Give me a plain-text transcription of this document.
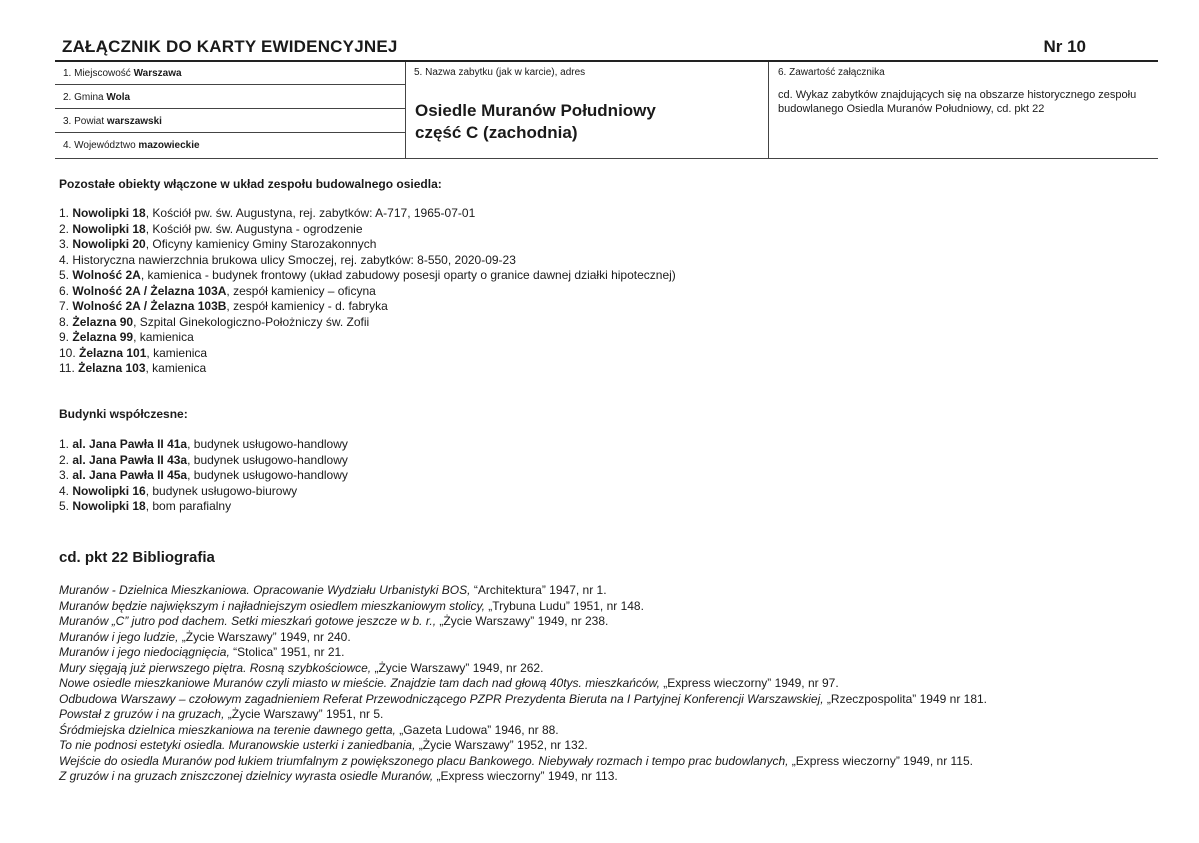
ZAŁĄCZNIK DO KARTY EWIDENCYJNEJ	Nr 10
1. Miejscowość Warszawa
2. Gmina Wola
3. Powiat warszawski
4. Województwo mazowieckie
5. Nazwa zabytku (jak w karcie), adres
Osiedle Muranów Południowy
część C (zachodnia)
6. Zawartość załącznika
cd. Wykaz zabytków znajdujących się na obszarze historycznego zespołu budowlanego Osiedla Muranów Południowy, cd. pkt 22
Pozostałe obiekty włączone w układ zespołu budowalnego osiedla:
1. Nowolipki 18, Kościół pw. św. Augustyna, rej. zabytków: A-717, 1965-07-01
2. Nowolipki 18, Kościół pw. św. Augustyna - ogrodzenie
3. Nowolipki 20, Oficyny kamienicy Gminy Starozakonnych
4. Historyczna nawierzchnia brukowa ulicy Smoczej, rej. zabytków: 8-550, 2020-09-23
5. Wolność 2A, kamienica - budynek frontowy (układ zabudowy posesji oparty o granice dawnej działki hipotecznej)
6. Wolność 2A / Żelazna 103A, zespół kamienicy – oficyna
7. Wolność 2A / Żelazna 103B, zespół kamienicy - d. fabryka
8. Żelazna 90, Szpital Ginekologiczno-Położniczy św. Zofii
9. Żelazna 99, kamienica
10. Żelazna 101, kamienica
11. Żelazna 103, kamienica
Budynki współczesne:
1. al. Jana Pawła II 41a, budynek usługowo-handlowy
2. al. Jana Pawła II 43a, budynek usługowo-handlowy
3. al. Jana Pawła II 45a, budynek usługowo-handlowy
4. Nowolipki 16, budynek usługowo-biurowy
5. Nowolipki 18, bom parafialny
cd. pkt 22 Bibliografia
Muranów - Dzielnica Mieszkaniowa. Opracowanie Wydziału Urbanistyki BOS, “Architektura” 1947, nr 1.
Muranów będzie największym i najładniejszym osiedlem mieszkaniowym stolicy, „Trybuna Ludu” 1951, nr 148.
Muranów „C” jutro pod dachem. Setki mieszkań gotowe jeszcze w b. r., „Życie Warszawy” 1949, nr 238.
Muranów i jego ludzie, „Życie Warszawy” 1949, nr 240.
Muranów i jego niedociągnięcia, “Stolica” 1951, nr 21.
Mury sięgają już pierwszego piętra. Rosną szybkościowce, „Życie Warszawy” 1949, nr 262.
Nowe osiedle mieszkaniowe Muranów czyli miasto w mieście. Znajdzie tam dach nad głową 40tys. mieszkańców, „Express wieczorny” 1949, nr 97.
Odbudowa Warszawy – czołowym zagadnieniem Referat Przewodniczącego PZPR Prezydenta Bieruta na I Partyjnej Konferencji Warszawskiej, „Rzeczpospolita” 1949 nr 181.
Powstał z gruzów i na gruzach, „Życie Warszawy” 1951, nr 5.
Śródmiejska dzielnica mieszkaniowa na terenie dawnego getta, „Gazeta Ludowa” 1946, nr 88.
To nie podnosi estetyki osiedla. Muranowskie usterki i zaniedbania, „Życie Warszawy” 1952, nr 132.
Wejście do osiedla Muranów pod łukiem triumfalnym z powiększonego placu Bankowego. Niebywały rozmach i tempo prac budowlanych, „Express wieczorny” 1949, nr 115.
Z gruzów i na gruzach zniszczonej dzielnicy wyrasta osiedle Muranów, „Express wieczorny” 1949, nr 113.
